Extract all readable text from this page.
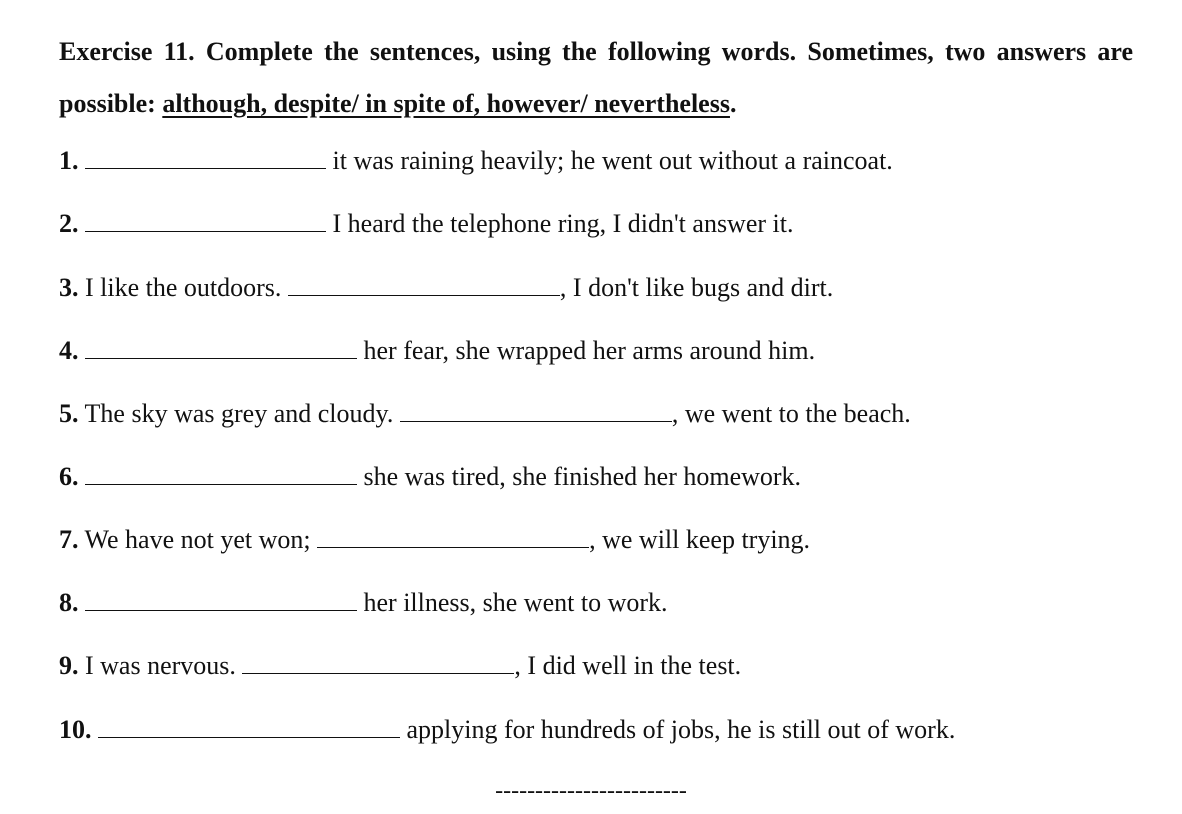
Exercise 11. Complete the sentences, using the following words. Sometimes, two answers are possible: although, despite/ in spite of, however/ nevertheless.
1.	it was raining heavily; he went out without a raincoat.
2.	I heard the telephone ring, I didn't answer it.
3. I like the outdoors.	, I don't like bugs and dirt.
4.	her fear, she wrapped her arms around him.
5. The sky was grey and cloudy.	, we went to the beach.
6.	she was tired, she finished her homework.
7. We have not yet won;	, we will keep trying.
8.	her illness, she went to work.
9. I was nervous.	, I did well in the test.
10.	applying for hundreds of jobs, he is still out of work.
------------------------
